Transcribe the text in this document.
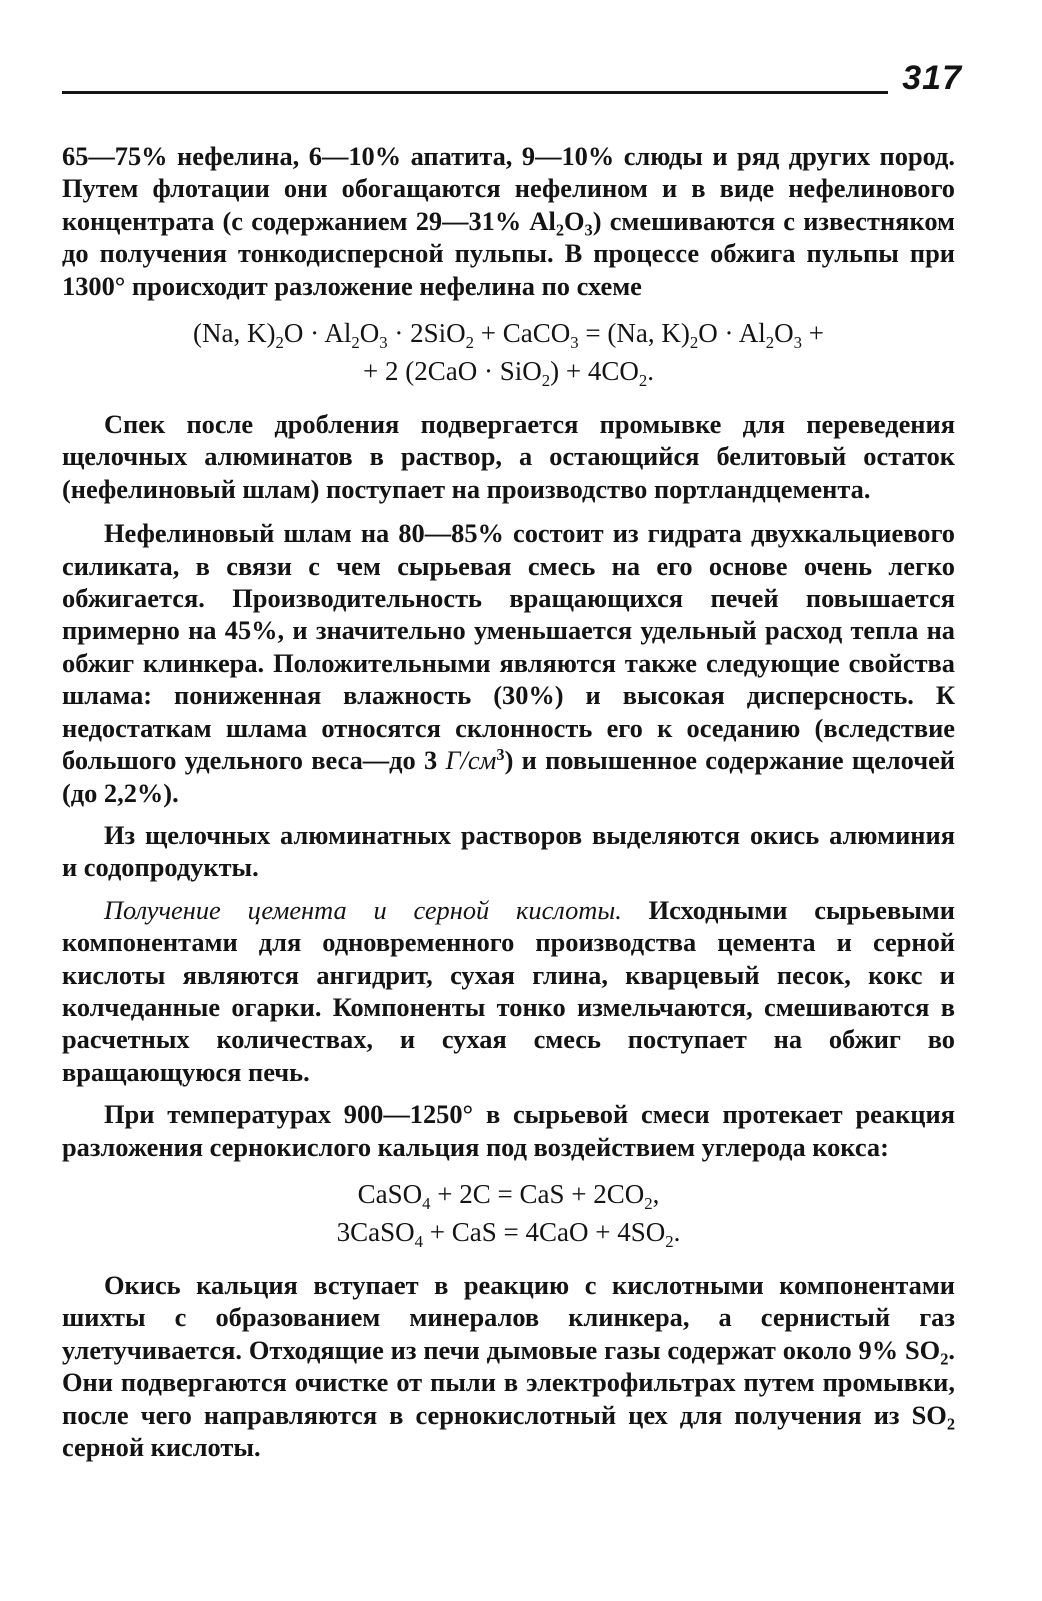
317

65—75% нефелина, 6—10% апатита, 9—10% слюды и ряд других пород. Путем флотации они обогащаются нефелином и в виде нефелинового концентрата (с содержанием 29—31% $Al_2O_3$) смешиваются с известняком до получения тонкодисперсной пульпы. В процессе обжига пульпы при 1300° происходит разложение нефелина по схеме

(Na, $K)_2O \cdot Al_2O_3 \cdot 2SiO_2$ + CaCO$_3$ = (Na, $K)_2O \cdot Al_2O_3$ +
+ 2 $(2CaO \cdot SiO_2) + 4CO_2$.

Спек после дробления подвергается промывке для переведения щелочных алюминатов в раствор, а остающийся белитовый остаток (нефелиновый шлам) поступает на производство портландцемента.

Нефелиновый шлам на 80—85% состоит из гидрата двухкальциевого силиката, в связи с чем сырьевая смесь на его основе очень легко обжигается. Производительность вращающихся печей повышается примерно на 45%, и значительно уменьшается удельный расход тепла на обжиг клинкера. Положительными являются также следующие свойства шлама: пониженная влажность (30%) и высокая дисперсность. К недостаткам шлама относятся склонность его к оседанию (вследствие большого удельного веса—до 3 $Г/см^3$) и повышенное содержание щелочей (до 2,2%).

Из щелочных алюминатных растворов выделяются окись алюминия и содопродукты.

Получение цемента и серной кислоты. Исходными сырьевыми компонентами для одновременного производства цемента и серной кислоты являются ангидрит, сухая глина, кварцевый песок, кокс и колчеданные огарки. Компоненты тонко измельчаются, смешиваются в расчетных количествах, и сухая смесь поступает на обжиг во вращающуюся печь.

При температурах 900—1250° в сырьевой смеси протекает реакция разложения сернокислого кальция под воздействием углерода кокса:

CaSO$_4$ + 2C = CaS + $2CO_2$,
3CaSO$_4$ + CaS = $4CaO + 4SO_2$.

Окись кальция вступает в реакцию с кислотными компонентами шихты с образованием минералов клинкера, а сернистый газ улетучивается. Отходящие из печи дымовые газы содержат около 9% $SO_2$. Они подвергаются очистке от пыли в электрофильтрах путем промывки, после чего направляются в сернокислотный цех для получения из $SO_2$ серной кислоты.
